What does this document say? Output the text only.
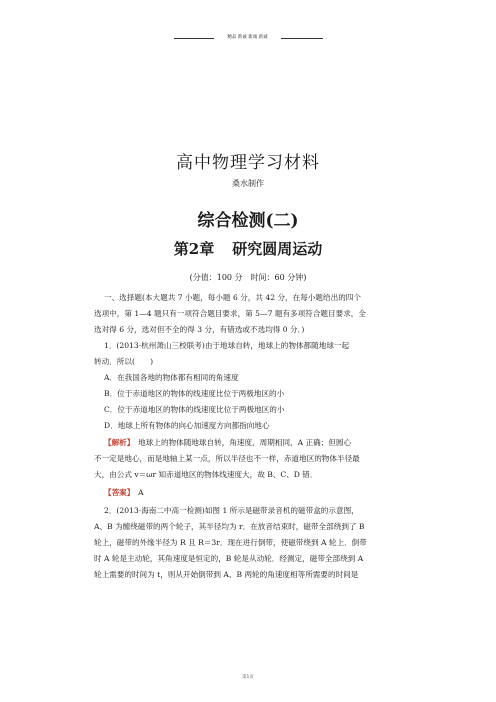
精品 新诚 新诚 新诚
高中物理学习材料
桑水制作
综合检测(二)
第2章 研究圆周运动
(分值：100 分　时间：60 分钟)
一、选择题(本大题共 7 小题，每小题 6 分，共 42 分，在每小题给出的四个
选项中，第 1—4 题只有一项符合题目要求，第 5—7 题有多项符合题目要求，全
选对得 6 分，选对但不全的得 3 分，有错选或不选均得 0 分．)
1．(2013·杭州萧山三校联考)由于地球自转，地球上的物体都随地球一起
转动．所以(　　)
A．在我国各地的物体都有相同的角速度
B．位于赤道地区的物体的线速度比位于两极地区的小
C．位于赤道地区的物体的线速度比位于两极地区的小
D．地球上所有物体的向心加速度方向都指向地心
【解析】　地球上的物体随地球自转，角速度、周期相同，A 正确；但圆心
不一定是地心，而是地轴上某一点，所以半径也不一样，赤道地区的物体半径最
大，由公式 v＝ωr 知赤道地区的物体线速度大，故 B、C、D 错．
【答案】　A
2．(2013·海南二中高一检测)如图 1 所示是磁带录音机的磁带盒的示意图，
A、B 为缠绕磁带的两个轮子，其半径均为 r．在放音结束时，磁带全部绕到了 B
轮上，磁带的外缘半径为 R 且 R＝3r．现在进行倒带，使磁带绕到 A 轮上．倒带
时 A 轮是主动轮，其角速度是恒定的，B 轮是从动轮．经测定，磁带全部绕到 A
轮上需要的时间为 t，则从开始倒带到 A、B 两轮的角速度相等所需要的时间是
第1页
